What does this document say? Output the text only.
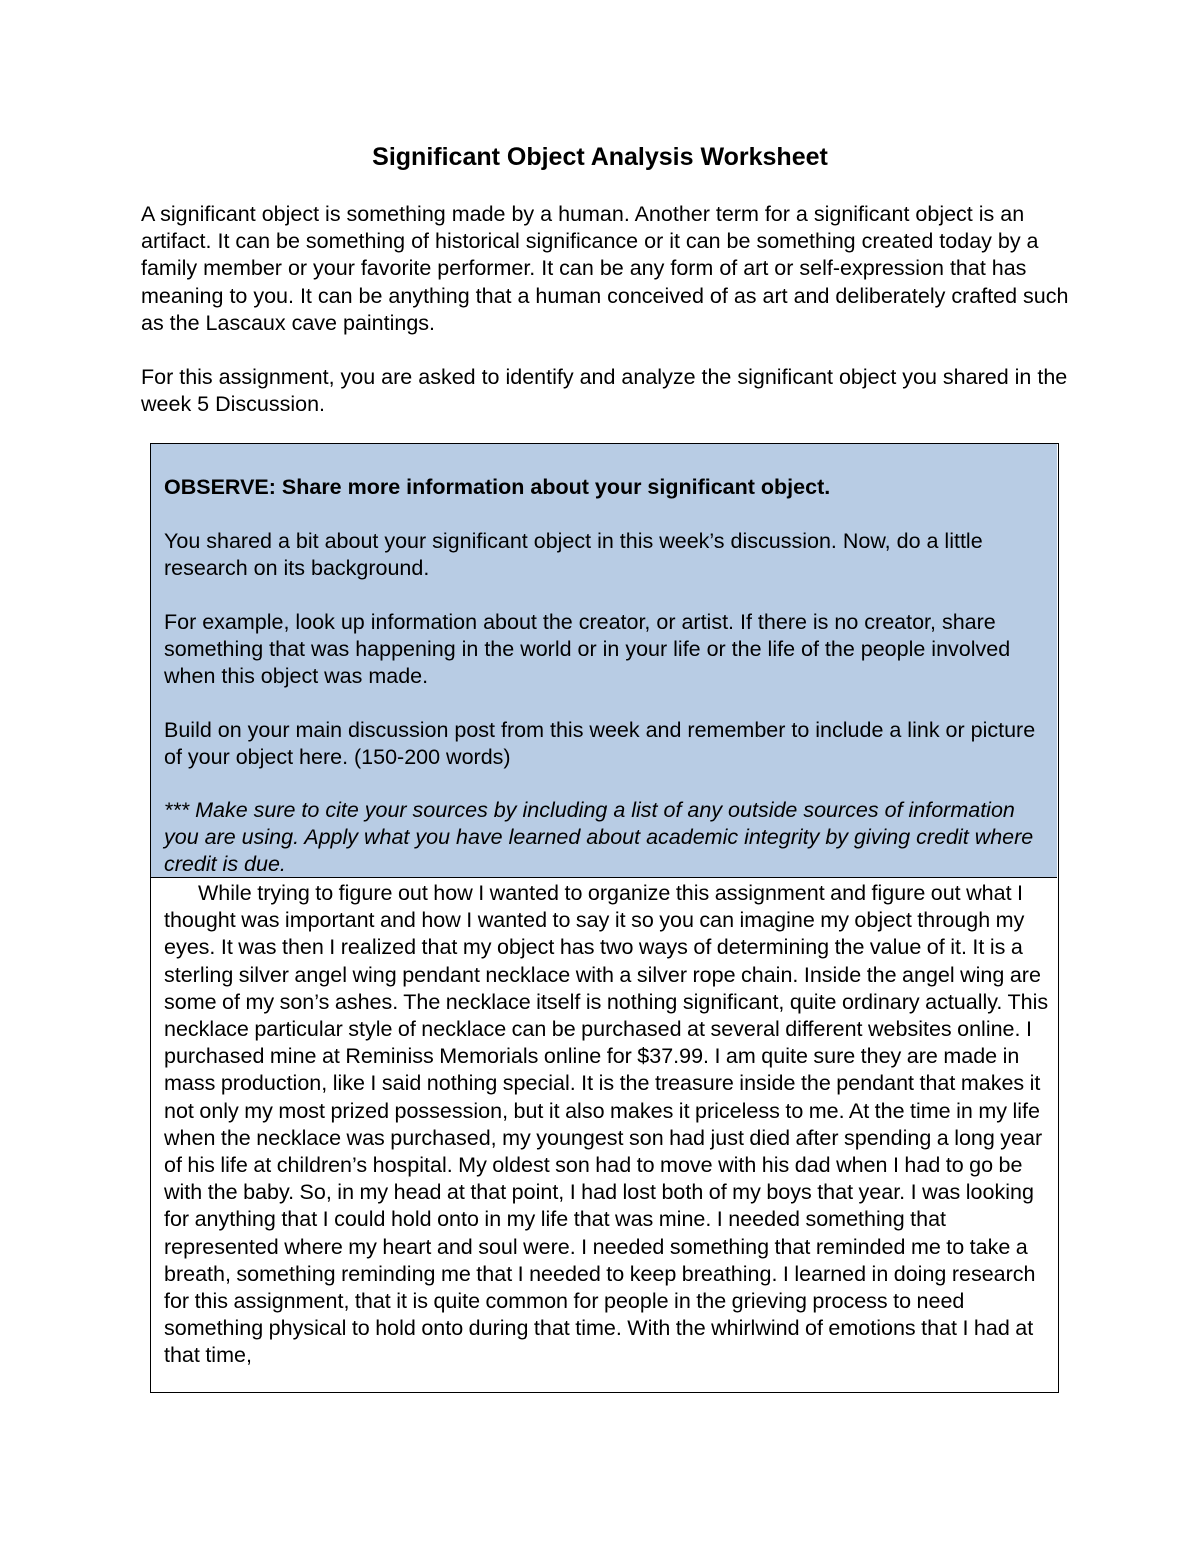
Significant Object Analysis Worksheet

A significant object is something made by a human. Another term for a significant object is an artifact. It can be something of historical significance or it can be something created today by a family member or your favorite performer. It can be any form of art or self-expression that has meaning to you. It can be anything that a human conceived of as art and deliberately crafted such as the Lascaux cave paintings.

For this assignment, you are asked to identify and analyze the significant object you shared in the week 5 Discussion.

OBSERVE: Share more information about your significant object.

You shared a bit about your significant object in this week’s discussion. Now, do a little research on its background.

For example, look up information about the creator, or artist. If there is no creator, share something that was happening in the world or in your life or the life of the people involved when this object was made.

Build on your main discussion post from this week and remember to include a link or picture of your object here. (150-200 words)

*** Make sure to cite your sources by including a list of any outside sources of information you are using. Apply what you have learned about academic integrity by giving credit where credit is due.

While trying to figure out how I wanted to organize this assignment and figure out what I thought was important and how I wanted to say it so you can imagine my object through my eyes. It was then I realized that my object has two ways of determining the value of it. It is a sterling silver angel wing pendant necklace with a silver rope chain. Inside the angel wing are some of my son’s ashes. The necklace itself is nothing significant, quite ordinary actually. This necklace particular style of necklace can be purchased at several different websites online. I purchased mine at Reminiss Memorials online for $37.99. I am quite sure they are made in mass production, like I said nothing special. It is the treasure inside the pendant that makes it not only my most prized possession, but it also makes it priceless to me. At the time in my life when the necklace was purchased, my youngest son had just died after spending a long year of his life at children’s hospital. My oldest son had to move with his dad when I had to go be with the baby. So, in my head at that point, I had lost both of my boys that year. I was looking for anything that I could hold onto in my life that was mine. I needed something that represented where my heart and soul were. I needed something that reminded me to take a breath, something reminding me that I needed to keep breathing. I learned in doing research for this assignment, that it is quite common for people in the grieving process to need something physical to hold onto during that time. With the whirlwind of emotions that I had at that time,
